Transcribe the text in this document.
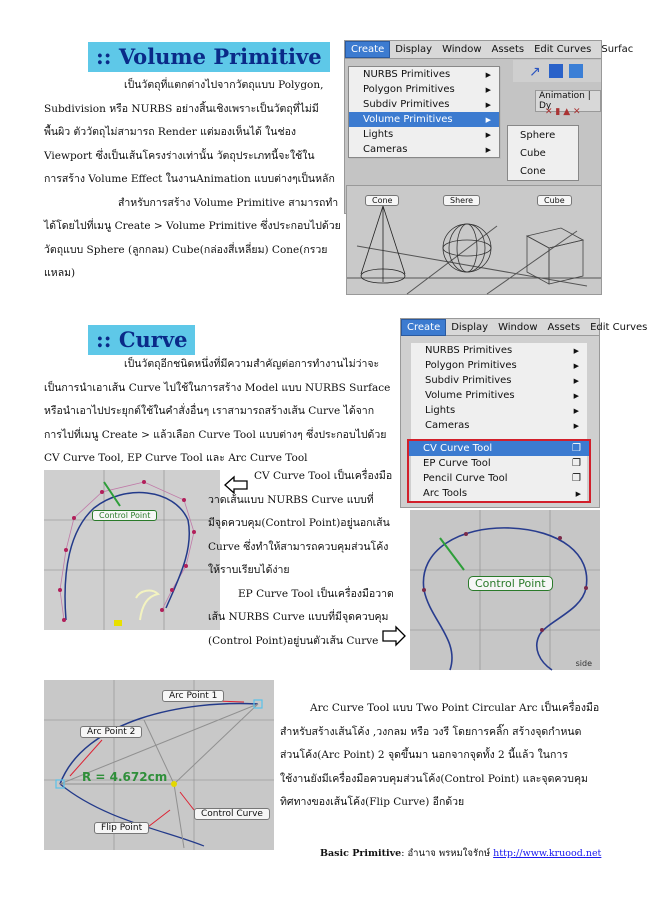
:: Volume Primitive

เป็นวัตถุที่แตกต่างไปจากวัตถุแบบ Polygon,

Subdivision หรือ NURBS อย่างสิ้นเชิงเพราะเป็นวัตถุที่ไม่มี

พื้นผิว ตัววัตถุไม่สามารถ Render แต่มองเห็นได้ ในช่อง

Viewport ซึ่งเป็นเส้นโครงร่างเท่านั้น วัตถุประเภทนี้จะใช้ใน

การสร้าง Volume Effect ในงานAnimation แบบต่างๆเป็นหลัก

สำหรับการสร้าง Volume Primitive สามารถทำ

ได้โดยไปที่เมนู Create > Volume Primitive ซึ่งประกอบไปด้วย

วัตถุแบบ Sphere (ลูกกลม) Cube(กล่องสี่เหลี่ยม) Cone(กรวย

แหลม)

Create	Display	Window	Assets	Edit Curves	Surfac
↗
Animation | Dy
✕ ▮ ▲ ✕
NURBS Primitives	▶
Polygon Primitives	▶
Subdiv Primitives	▶
Volume Primitives	▶
Lights	▶
Cameras	▶
Sphere
Cube
Cone
Cone	Shere	Cube
:: Curve

เป็นวัตถุอีกชนิดหนึ่งที่มีความสำคัญต่อการทำงานไม่ว่าจะ

เป็นการนำเอาเส้น Curve ไปใช้ในการสร้าง Model แบบ NURBS Surface

หรือนำเอาไปประยุกต์ใช้ในคำสั่งอื่นๆ เราสามารถสร้างเส้น Curve ได้จาก

การไปที่เมนู Create > แล้วเลือก Curve Tool แบบต่างๆ ซึ่งประกอบไปด้วย

CV Curve Tool, EP Curve Tool และ Arc Curve Tool

Create	Display	Window	Assets	Edit Curves
NURBS Primitives	▶
Polygon Primitives	▶
Subdiv Primitives	▶
Volume Primitives	▶
Lights	▶
Cameras	▶
CV Curve Tool	❐
EP Curve Tool	❐
Pencil Curve Tool	❐
Arc Tools	▶
Control Point

CV Curve Tool เป็นเครื่องมือ

วาดเส้นแบบ NURBS Curve แบบที่

มีจุดควบคุม(Control Point)อยู่นอกเส้น

Curve ซึ่งทำให้สามารถควบคุมส่วนโค้ง

ให้ราบเรียบได้ง่าย

EP Curve Tool เป็นเครื่องมือวาด

เส้น NURBS Curve แบบที่มีจุดควบคุม

(Control Point)อยู่บนตัวเส้น Curve

Control Point
side
Arc Point 1
Arc Point 2
R = 4.672cm
Control Curve
Flip Point

Arc Curve Tool แบบ Two Point Circular Arc เป็นเครื่องมือ

สำหรับสร้างเส้นโค้ง ,วงกลม หรือ วงรี โดยการคลิ๊ก สร้างจุดกำหนด

ส่วนโค้ง(Arc Point) 2 จุดขึ้นมา นอกจากจุดทั้ง 2 นี้แล้ว ในการ

ใช้งานยังมีเครื่องมือควบคุมส่วนโค้ง(Control Point) และจุดควบคุม

ทิศทางของเส้นโค้ง(Flip Curve) อีกด้วย

Basic Primitive: อำนาจ พรหมใจรักษ์ http://www.kruood.net
